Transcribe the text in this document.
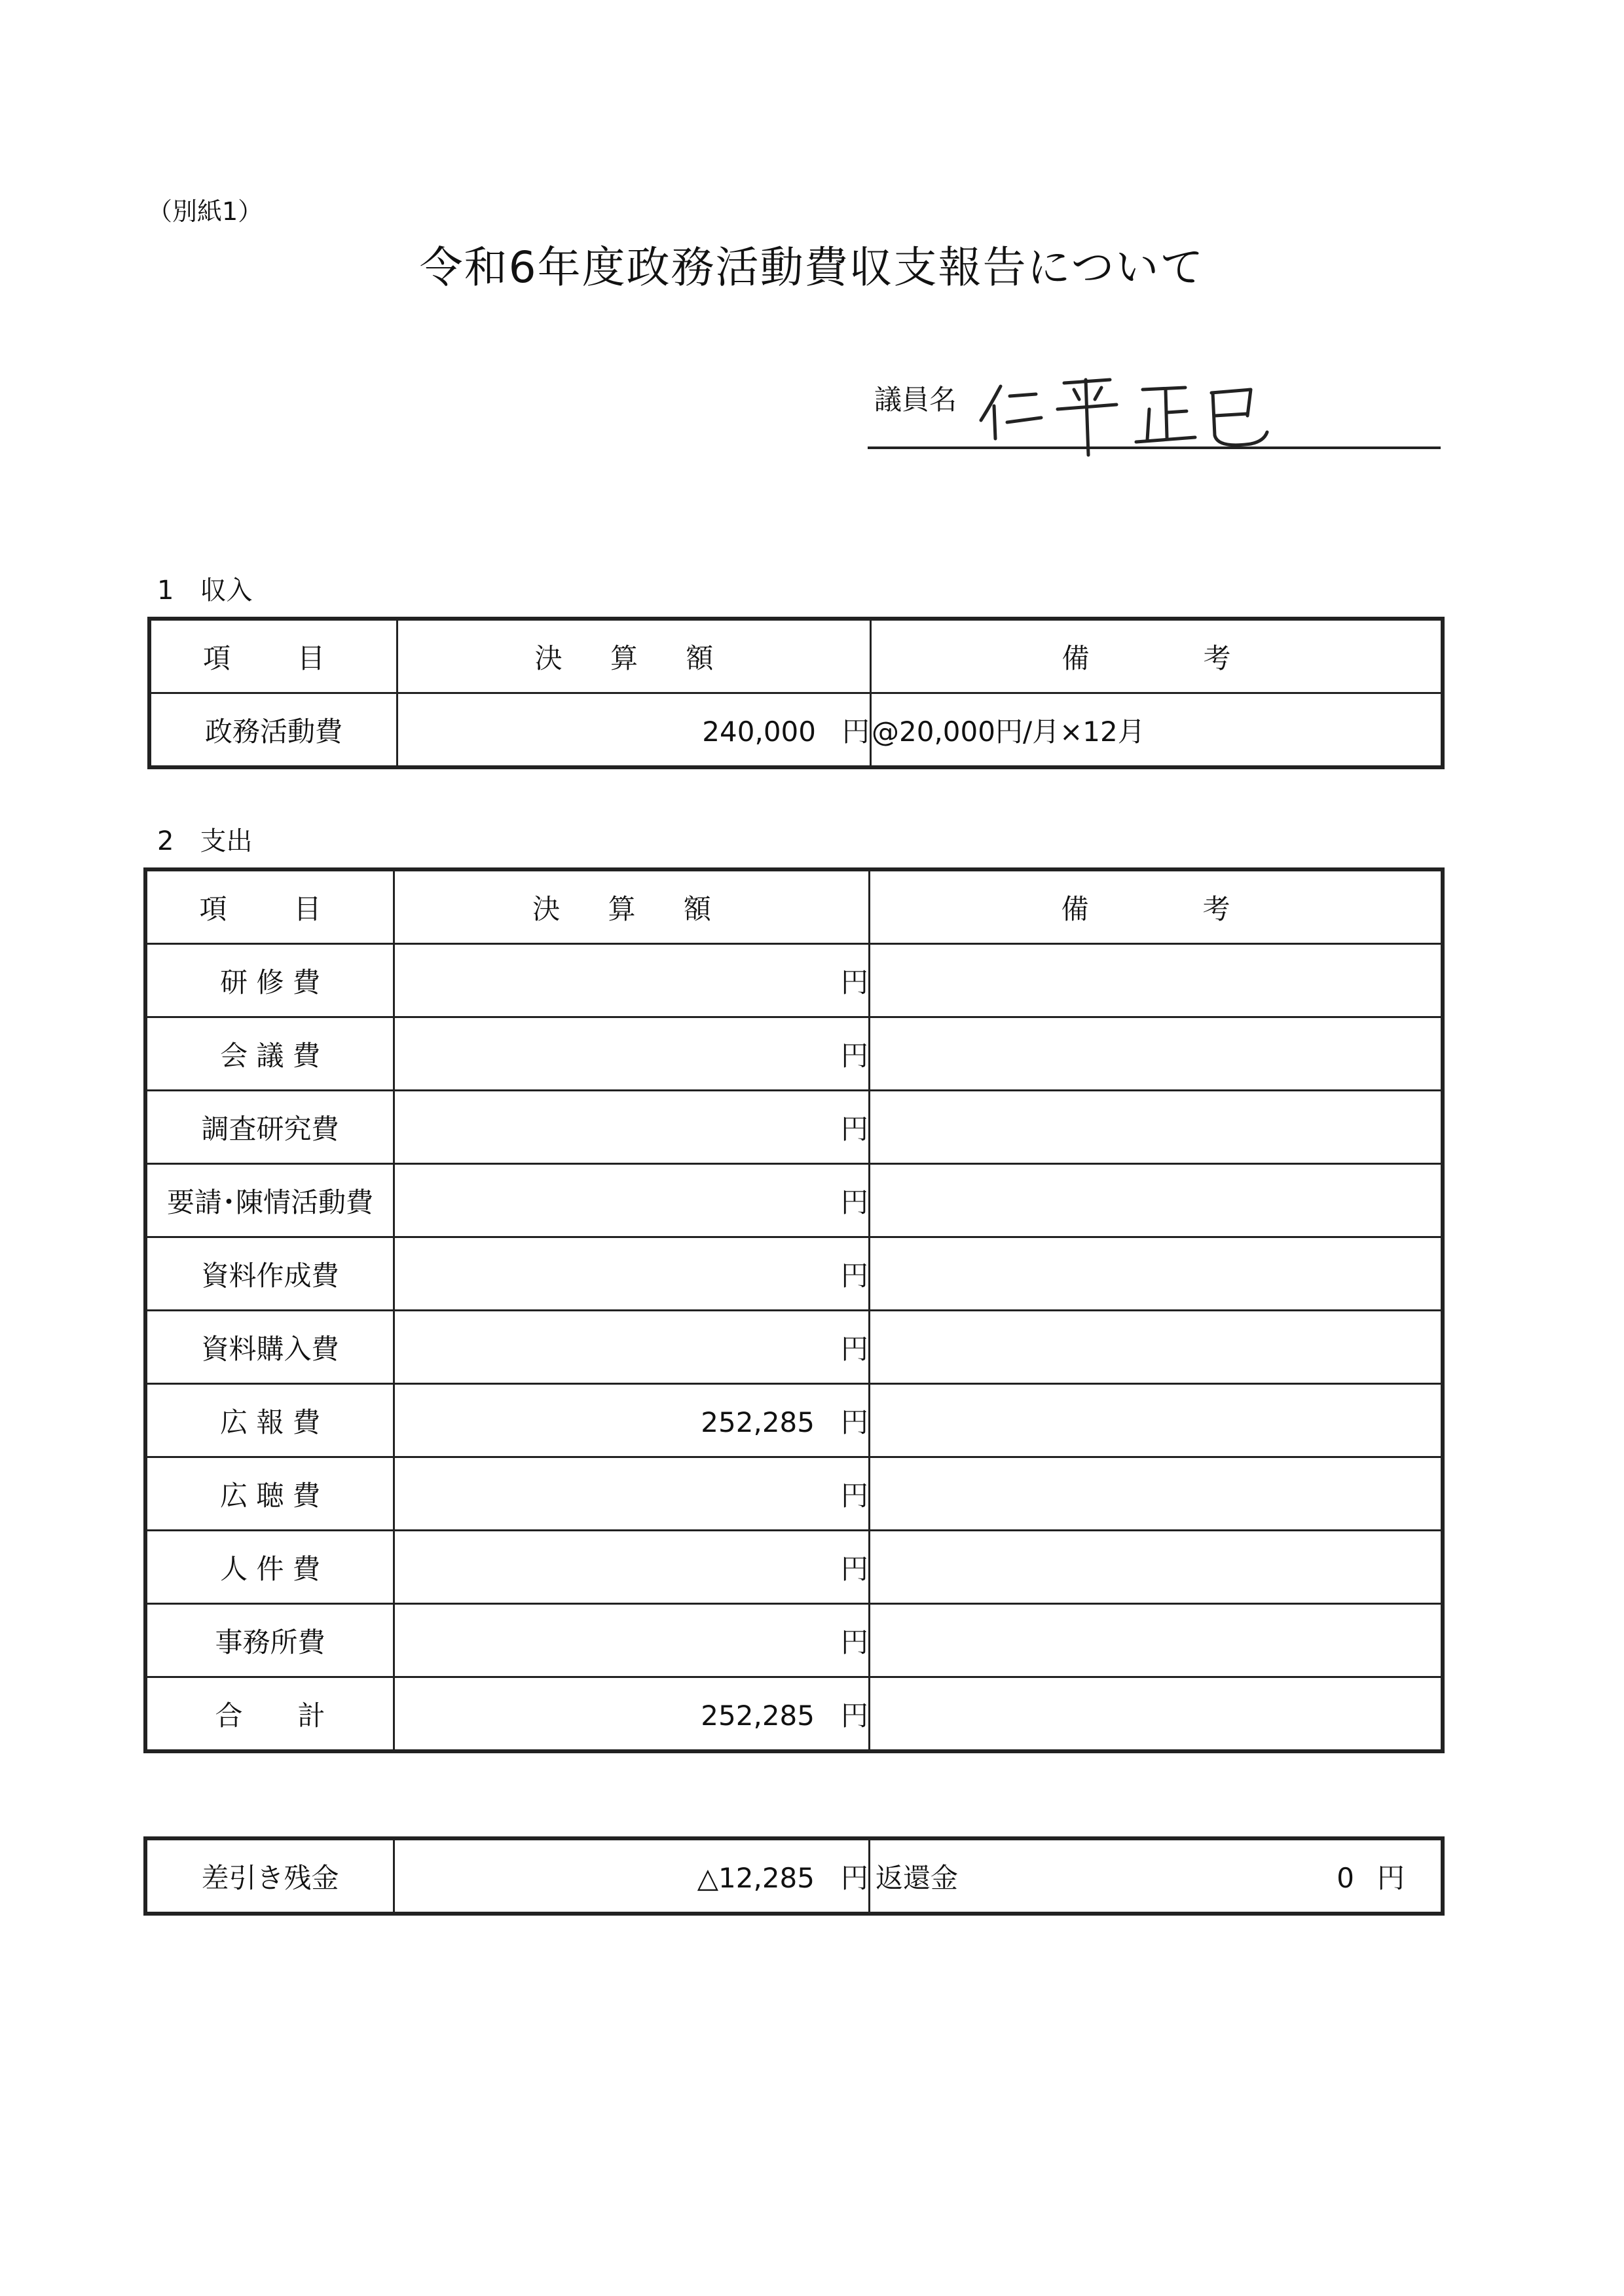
（別紙1）
令和6年度政務活動費収支報告について
議員名
1　収入
項　目	決 算 額	備　　考
政務活動費	240,000 円	@20,000円/月×12月
2　支出
項　目	決 算 額	備　　考
研 修 費	円	
会 議 費	円	
調査研究費	円	
要請･陳情活動費	円	
資料作成費	円	
資料購入費	円	
広 報 費	252,285 円	
広 聴 費	円	
人 件 費	円	
事務所費	円	
合　　計	252,285 円	
差引き残金	△12,285 円	返還金	0 円
